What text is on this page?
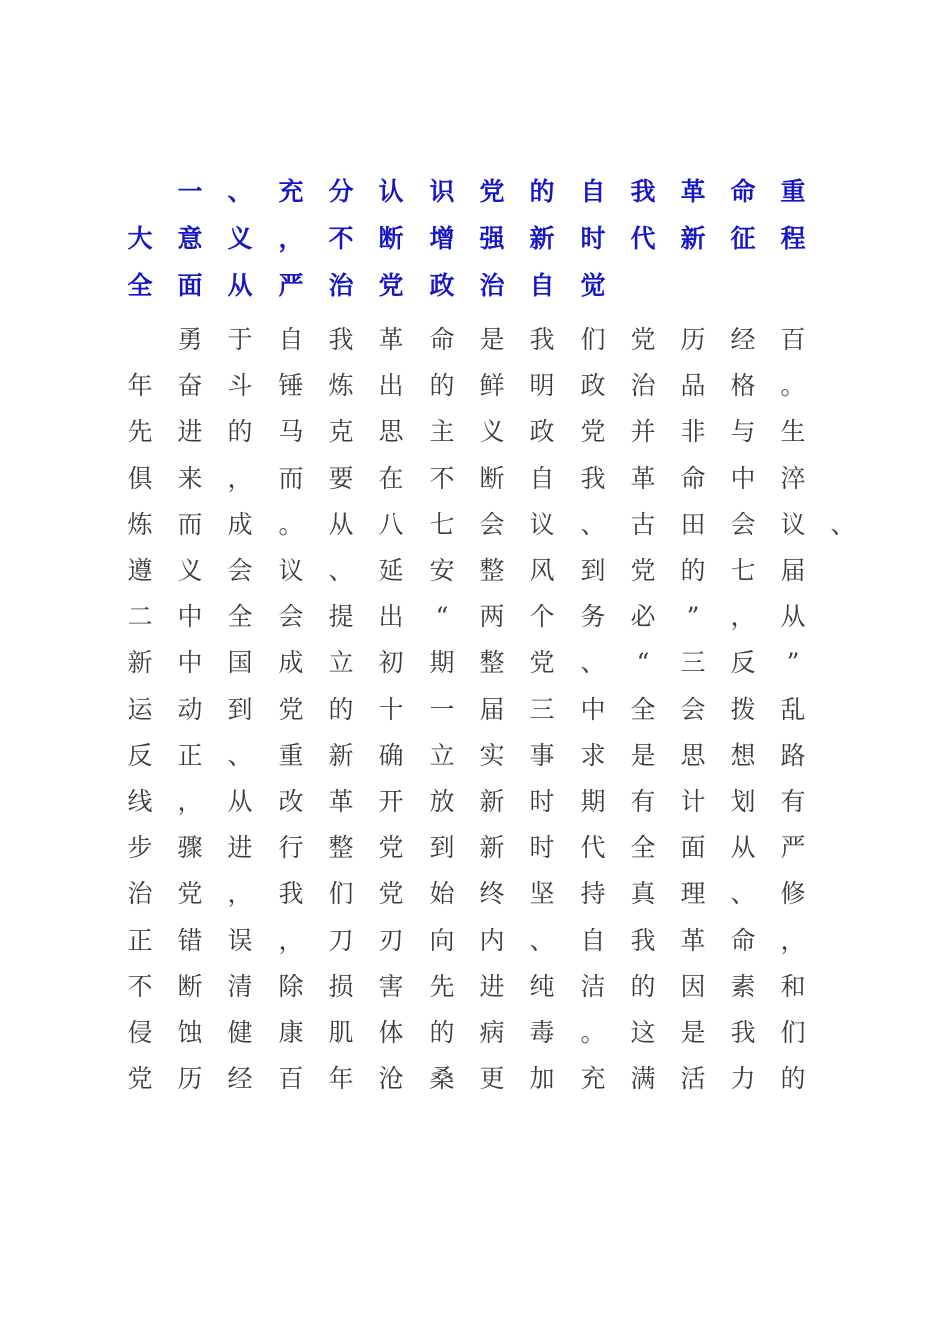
一 、	充 分 认	识 党 的	自 我 革 命 重
大 意 义	， 不 断	增 强 新	时 代 新 征 程
全 面 从	严 治 党	政 治 自	觉
勇 于	自 我 革	命 是 我	们 党 历 经 百
年 奋 斗	锤 炼 出	的 鲜 明	政 治 品 格 。
先 进 的	马 克 思	主 义 政	党 并 非 与 生
俱 来 ，	而 要 在	不 断 自	我 革 命 中 淬
炼 而 成	。 从 八	七 会 议	、 古 田 会 议 、
遵 义 会	议 、 延	安 整 风	到 党 的 七 届
二 中 全	会 提 出	“	两 个	务 必	”	， 从
新 中 国	成 立 初	期 整 党	、	“	三 反	”
运 动 到	党 的 十	一 届 三	中 全 会 拨 乱
反 正 、	重 新 确	立 实 事	求 是 思 想 路
线 ， 从	改 革 开	放 新 时	期 有 计 划 有
步 骤 进	行 整 党	到 新 时	代 全 面 从 严
治 党 ，	我 们 党	始 终 坚	持 真 理 、 修
正 错 误	， 刀 刃	向 内 、	自 我 革 命 ，
不 断 清	除 损 害	先 进 纯	洁 的 因 素 和
侵 蚀 健	康 肌 体	的 病 毒	。 这 是 我 们
党 历 经	百 年 沧	桑 更 加	充 满 活 力 的
